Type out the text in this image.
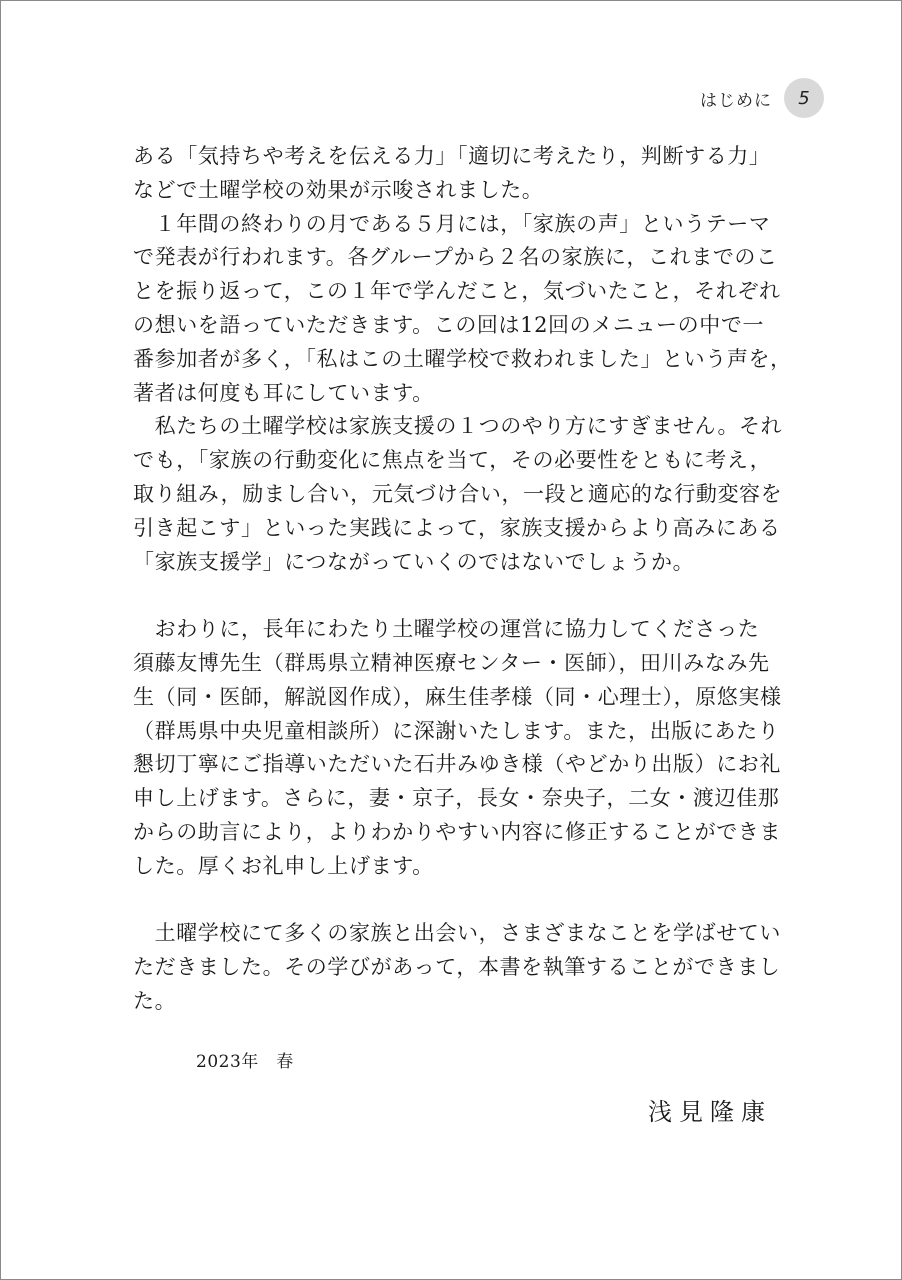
はじめに	5
ある「気持ちや考えを伝える力」「適切に考えたり，判断する力」
などで土曜学校の効果が示唆されました。
　１年間の終わりの月である５月には，「家族の声」というテーマ
で発表が行われます。各グループから２名の家族に，これまでのこ
とを振り返って，この１年で学んだこと，気づいたこと，それぞれ
の想いを語っていただきます。この回は12回のメニューの中で一
番参加者が多く，「私はこの土曜学校で救われました」という声を，
著者は何度も耳にしています。
　私たちの土曜学校は家族支援の１つのやり方にすぎません。それ
でも，「家族の行動変化に焦点を当て，その必要性をともに考え，
取り組み，励まし合い，元気づけ合い，一段と適応的な行動変容を
引き起こす」といった実践によって，家族支援からより高みにある
「家族支援学」につながっていくのではないでしょうか。
　おわりに，長年にわたり土曜学校の運営に協力してくださった
須藤友博先生（群馬県立精神医療センター・医師），田川みなみ先
生（同・医師，解説図作成），麻生佳孝様（同・心理士），原悠実様
（群馬県中央児童相談所）に深謝いたします。また，出版にあたり
懇切丁寧にご指導いただいた石井みゆき様（やどかり出版）にお礼
申し上げます。さらに，妻・京子，長女・奈央子，二女・渡辺佳那
からの助言により，よりわかりやすい内容に修正することができま
した。厚くお礼申し上げます。
　土曜学校にて多くの家族と出会い，さまざまなことを学ばせてい
ただきました。その学びがあって，本書を執筆することができまし
た。
2023年　春
浅見隆康
